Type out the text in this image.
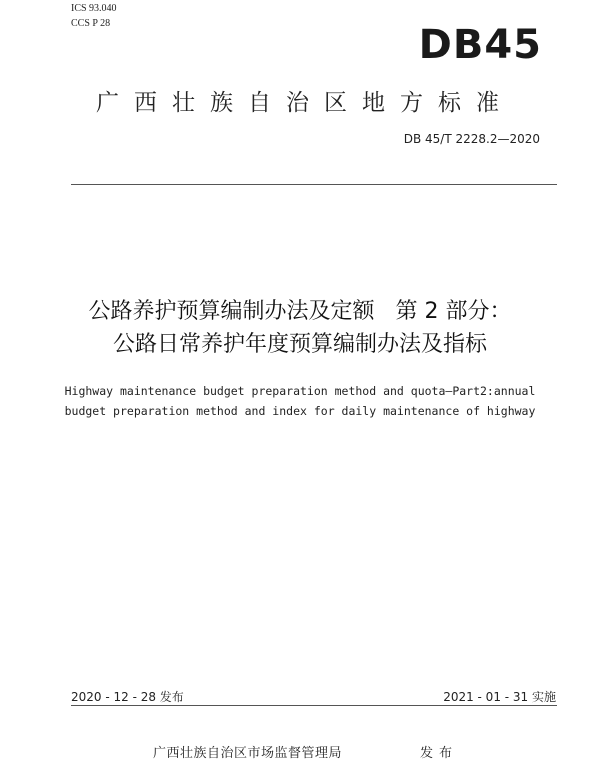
ICS 93.040
CCS P 28	DB45
广西壮族自治区地方标准
DB 45/T 2228.2—2020
公路养护预算编制办法及定额   第 2 部分：
公路日常养护年度预算编制办法及指标
Highway maintenance budget preparation method and quota—Part2:annual
budget preparation method and index for daily maintenance of highway
2020 - 12 - 28 发布	2021 - 01 - 31 实施
广西壮族自治区市场监督管理局	发布
